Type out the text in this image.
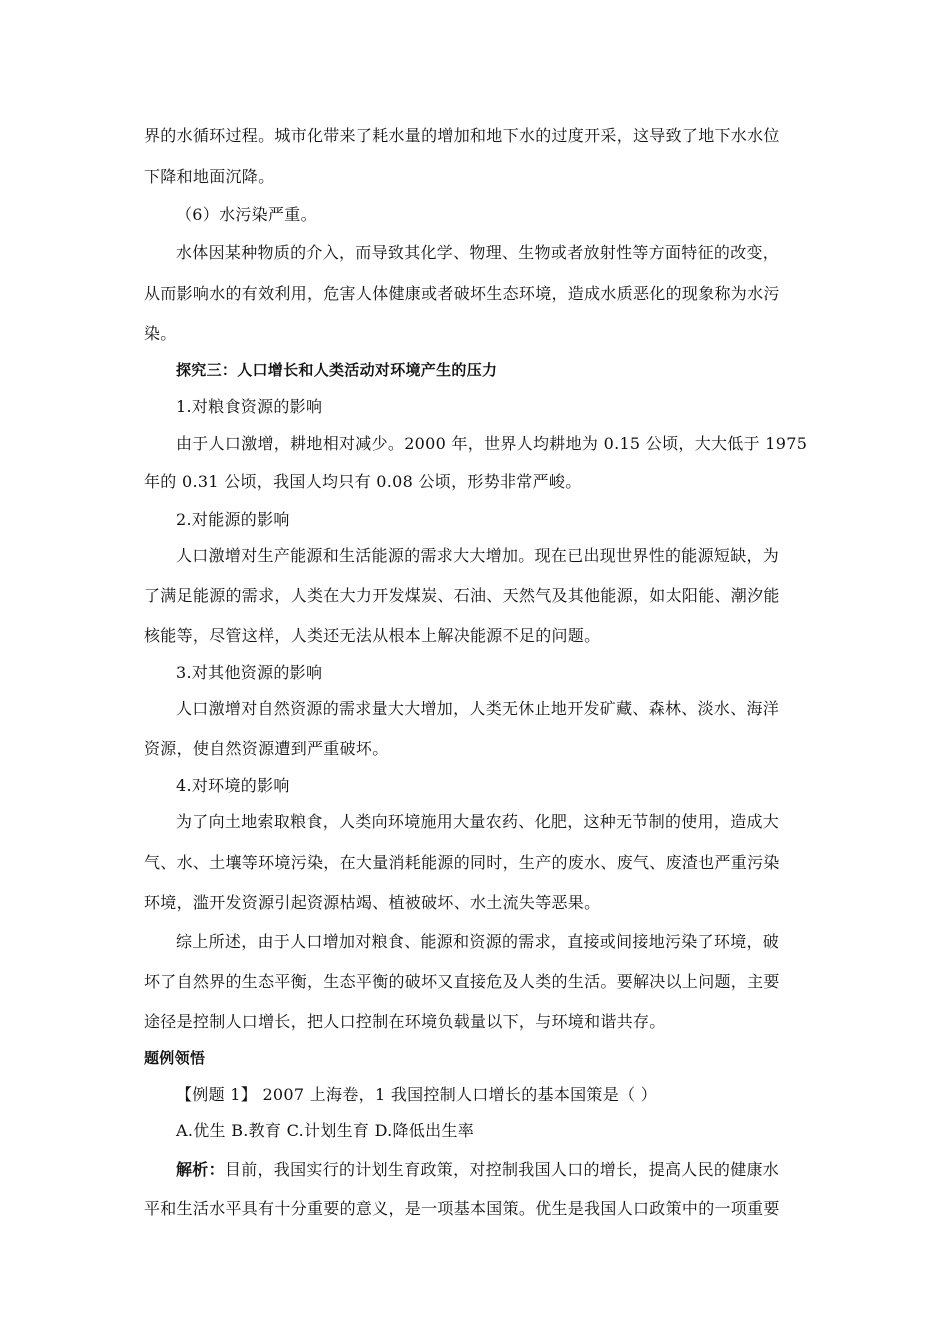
界的水循环过程。城市化带来了耗水量的增加和地下水的过度开采，这导致了地下水水位
下降和地面沉降。
（6）水污染严重。
水体因某种物质的介入，而导致其化学、物理、生物或者放射性等方面特征的改变，
从而影响水的有效利用，危害人体健康或者破坏生态环境，造成水质恶化的现象称为水污
染。
探究三：人口增长和人类活动对环境产生的压力
1.对粮食资源的影响
由于人口激增，耕地相对减少。2000 年，世界人均耕地为 0.15 公顷，大大低于 1975
年的 0.31 公顷，我国人均只有 0.08 公顷，形势非常严峻。
2.对能源的影响
人口激增对生产能源和生活能源的需求大大增加。现在已出现世界性的能源短缺，为
了满足能源的需求，人类在大力开发煤炭、石油、天然气及其他能源，如太阳能、潮汐能
核能等，尽管这样，人类还无法从根本上解决能源不足的问题。
3.对其他资源的影响
人口激增对自然资源的需求量大大增加，人类无休止地开发矿藏、森林、淡水、海洋
资源，使自然资源遭到严重破坏。
4.对环境的影响
为了向土地索取粮食，人类向环境施用大量农药、化肥，这种无节制的使用，造成大
气、水、土壤等环境污染，在大量消耗能源的同时，生产的废水、废气、废渣也严重污染
环境，滥开发资源引起资源枯竭、植被破坏、水土流失等恶果。
综上所述，由于人口增加对粮食、能源和资源的需求，直接或间接地污染了环境，破
坏了自然界的生态平衡，生态平衡的破坏又直接危及人类的生活。要解决以上问题，主要
途径是控制人口增长，把人口控制在环境负载量以下，与环境和谐共存。
题例领悟
【例题 1】 2007 上海卷，1 我国控制人口增长的基本国策是（ ）
A.优生 B.教育 C.计划生育 D.降低出生率
解析：目前，我国实行的计划生育政策，对控制我国人口的增长，提高人民的健康水
平和生活水平具有十分重要的意义，是一项基本国策。优生是我国人口政策中的一项重要
